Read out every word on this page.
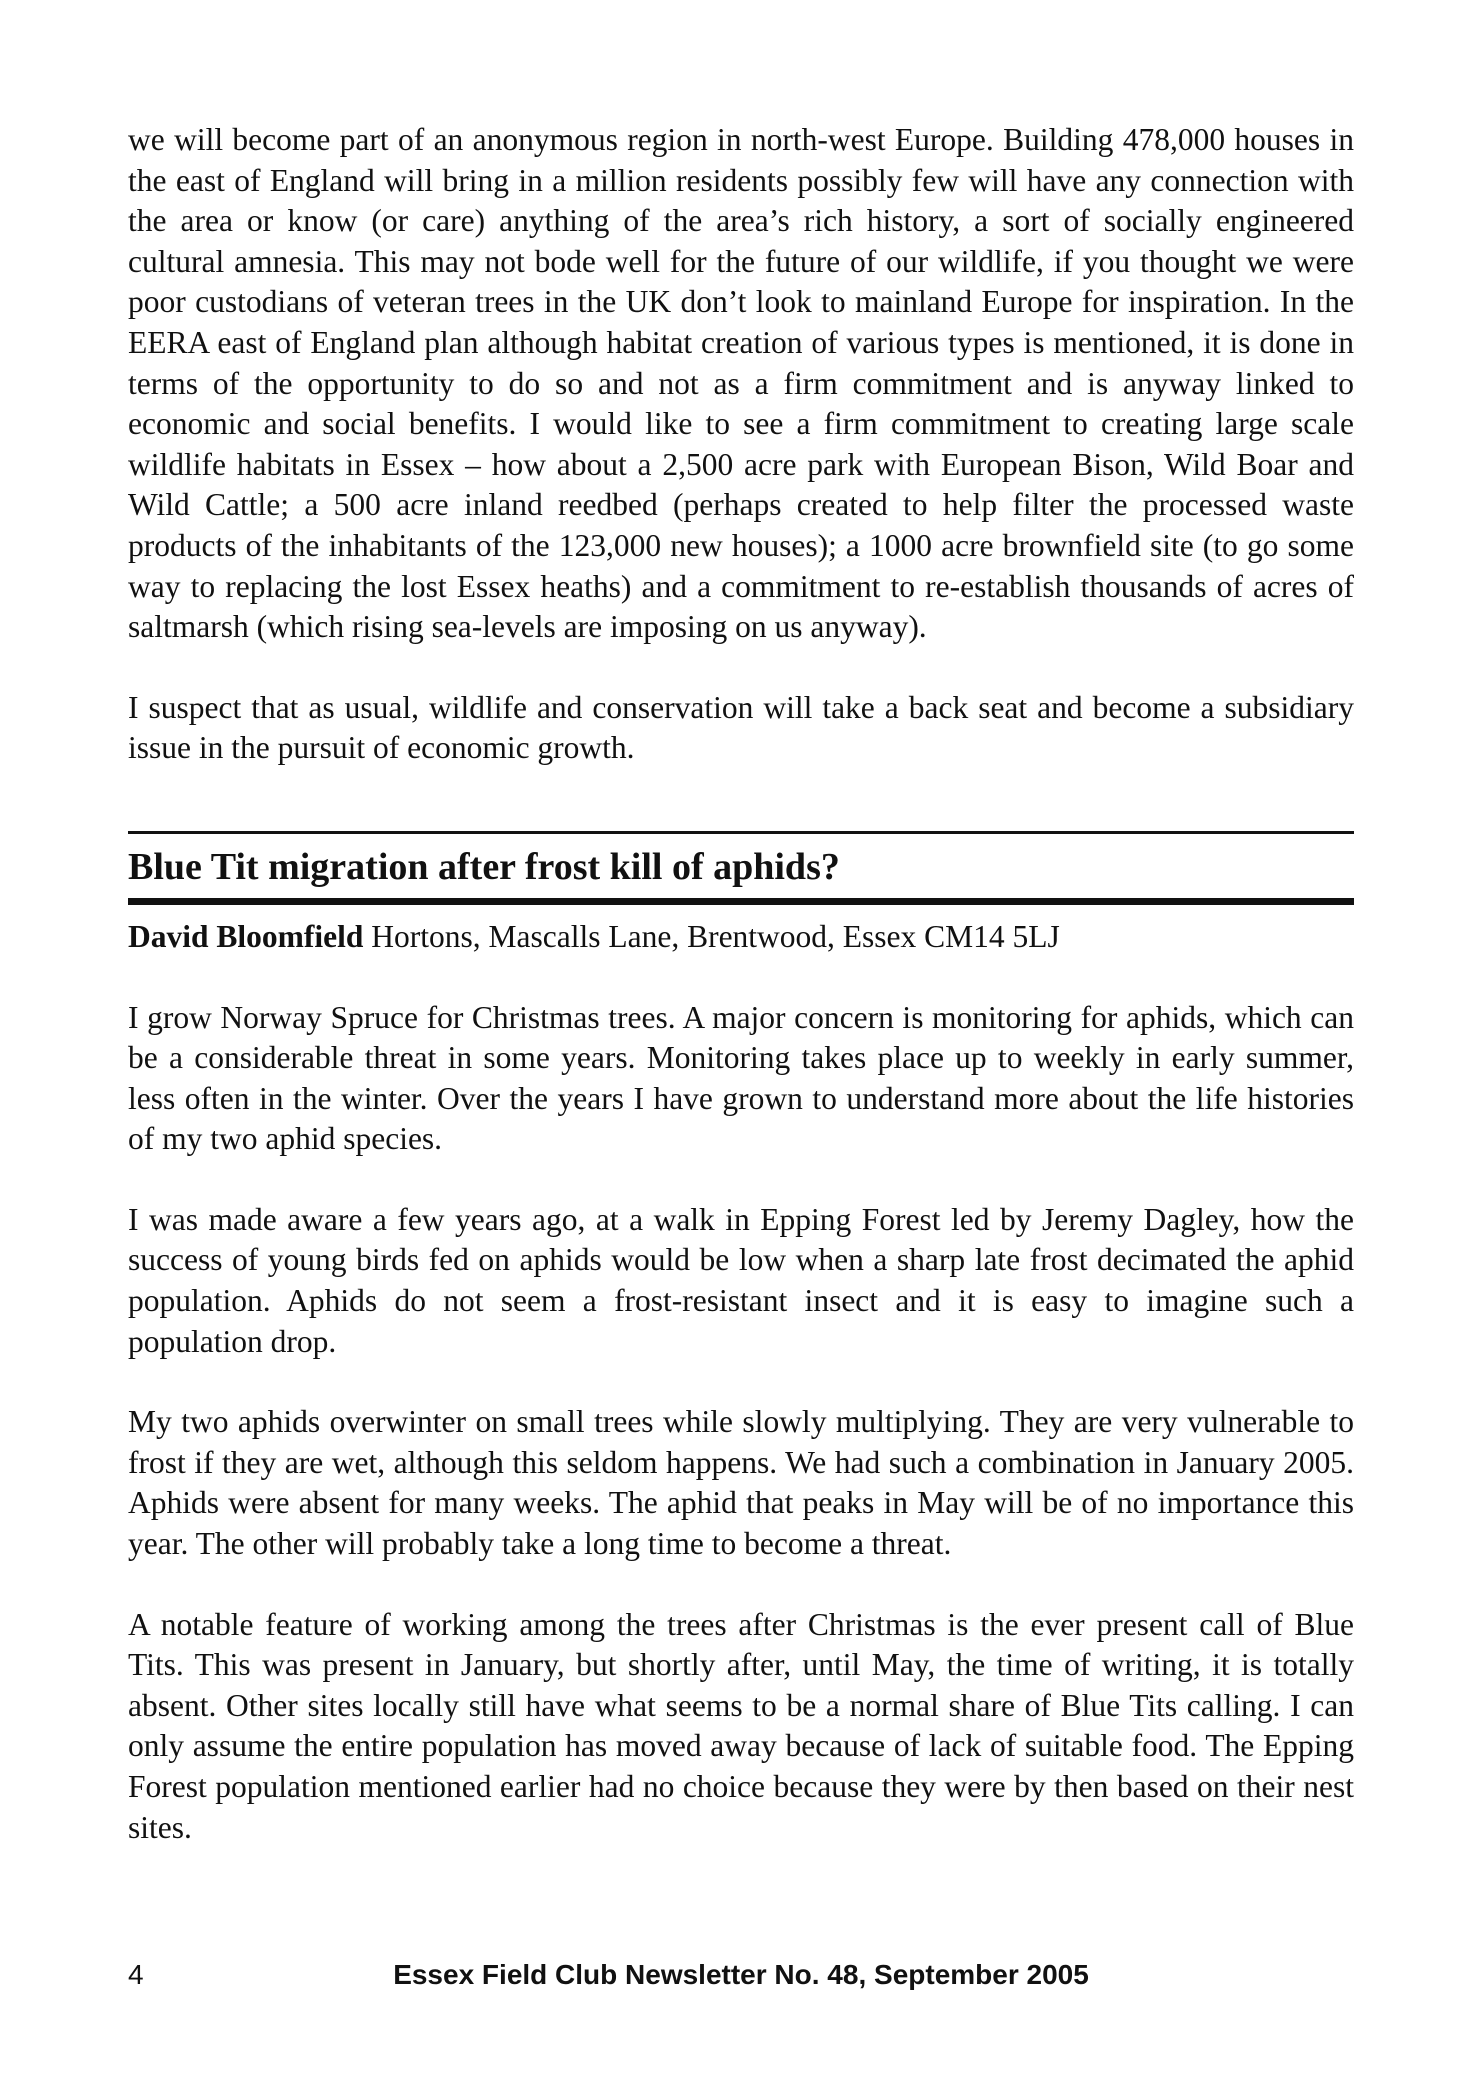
we will become part of an anonymous region in north-west Europe. Building 478,000 houses in the east of England will bring in a million residents possibly few will have any connection with the area or know (or care) anything of the area’s rich history, a sort of socially engineered cultural amnesia. This may not bode well for the future of our wildlife, if you thought we were poor custodians of veteran trees in the UK don’t look to mainland Europe for inspiration. In the EERA east of England plan although habitat creation of various types is mentioned, it is done in terms of the opportunity to do so and not as a firm commitment and is anyway linked to economic and social benefits. I would like to see a firm commitment to creating large scale wildlife habitats in Essex – how about a 2,500 acre park with European Bison, Wild Boar and Wild Cattle; a 500 acre inland reedbed (perhaps created to help filter the processed waste products of the inhabitants of the 123,000 new houses); a 1000 acre brownfield site (to go some way to replacing the lost Essex heaths) and a commitment to re-establish thousands of acres of saltmarsh (which rising sea-levels are imposing on us anyway).

I suspect that as usual, wildlife and conservation will take a back seat and become a subsidiary issue in the pursuit of economic growth.

Blue Tit migration after frost kill of aphids?

David Bloomfield Hortons, Mascalls Lane, Brentwood, Essex CM14 5LJ

I grow Norway Spruce for Christmas trees. A major concern is monitoring for aphids, which can be a considerable threat in some years. Monitoring takes place up to weekly in early summer, less often in the winter. Over the years I have grown to understand more about the life histories of my two aphid species.

I was made aware a few years ago, at a walk in Epping Forest led by Jeremy Dagley, how the success of young birds fed on aphids would be low when a sharp late frost decimated the aphid population. Aphids do not seem a frost-resistant insect and it is easy to imagine such a population drop.

My two aphids overwinter on small trees while slowly multiplying. They are very vulnerable to frost if they are wet, although this seldom happens. We had such a combination in January 2005. Aphids were absent for many weeks. The aphid that peaks in May will be of no importance this year. The other will probably take a long time to become a threat.

A notable feature of working among the trees after Christmas is the ever present call of Blue Tits. This was present in January, but shortly after, until May, the time of writing, it is totally absent. Other sites locally still have what seems to be a normal share of Blue Tits calling. I can only assume the entire population has moved away because of lack of suitable food. The Epping Forest population mentioned earlier had no choice because they were by then based on their nest sites.

4	Essex Field Club Newsletter No. 48, September 2005
